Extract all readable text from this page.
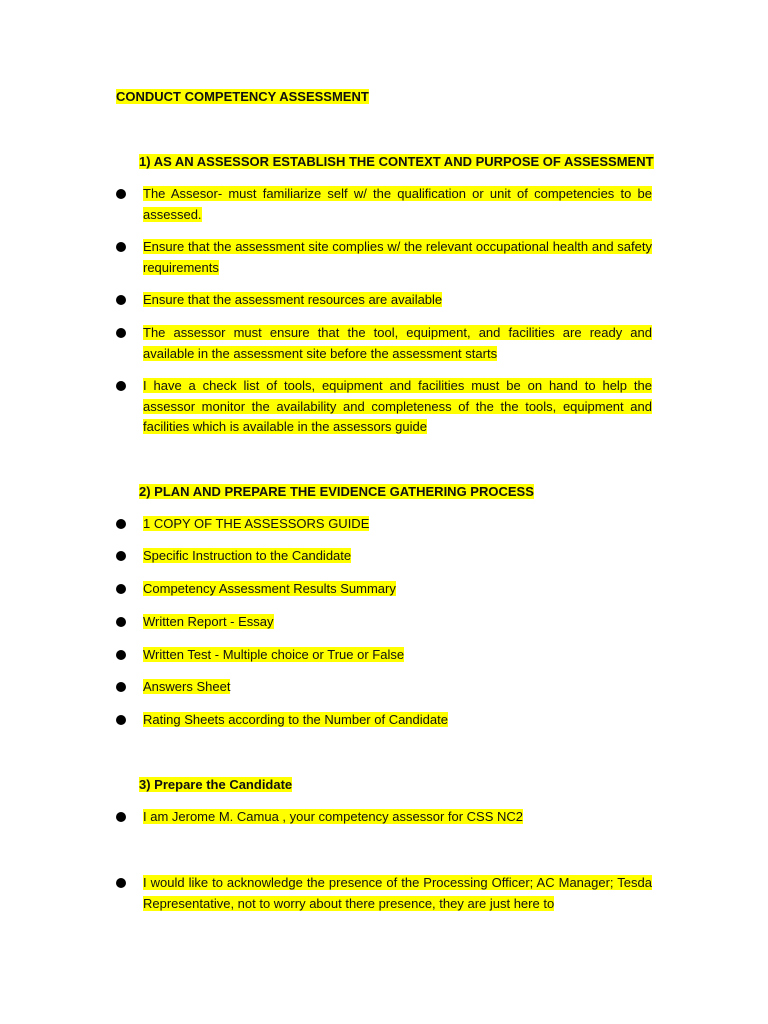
CONDUCT COMPETENCY ASSESSMENT

1) AS AN ASSESSOR ESTABLISH THE CONTEXT AND PURPOSE OF ASSESSMENT

The Assesor- must familiarize self w/ the qualification or unit of competencies to be assessed.
Ensure that the assessment site complies w/ the relevant occupational health and safety requirements
Ensure that the assessment resources are available
The assessor must ensure that the tool, equipment, and facilities are ready and available in the assessment site before the assessment starts
I have a check list of tools, equipment and facilities must be on hand to help the assessor monitor the availability and completeness of the the tools, equipment and facilities which is available in the assessors guide

2) PLAN AND PREPARE THE EVIDENCE GATHERING PROCESS

1 COPY OF THE ASSESSORS GUIDE
Specific Instruction to the Candidate
Competency Assessment Results Summary
Written Report - Essay
Written Test - Multiple choice or True or False
Answers Sheet
Rating Sheets according to the Number of Candidate

3) Prepare the Candidate

I am Jerome M. Camua , your competency assessor for CSS NC2
I would like to acknowledge the presence of the Processing Officer; AC Manager; Tesda Representative, not to worry about there presence, they are just here to
